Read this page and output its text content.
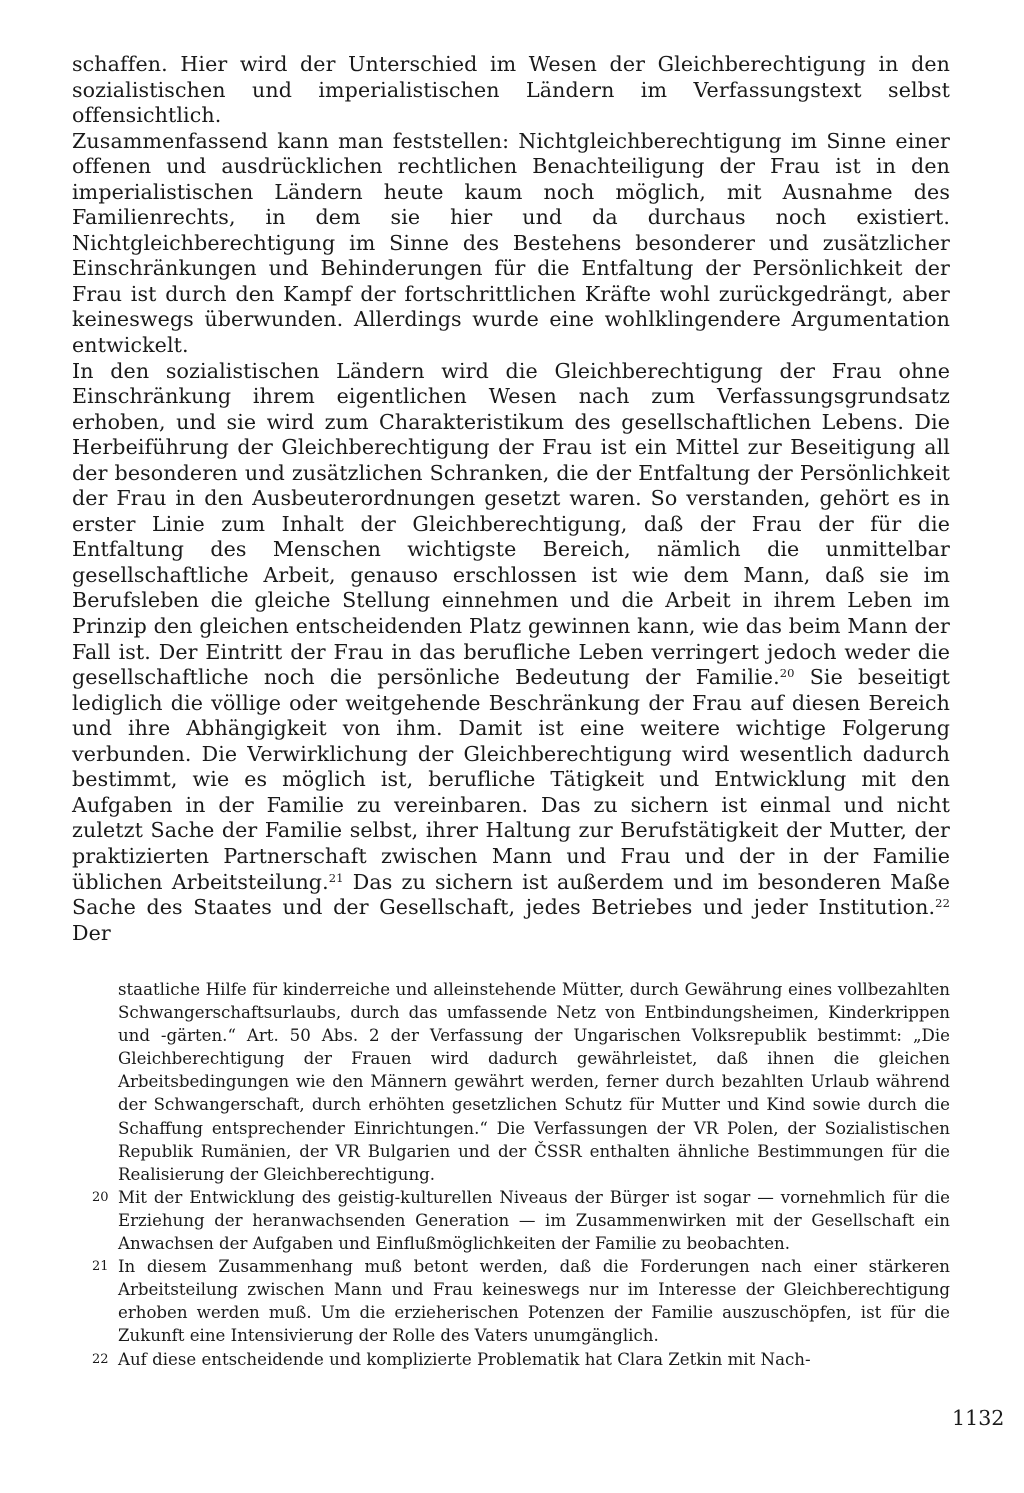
schaffen. Hier wird der Unterschied im Wesen der Gleichberechtigung in den sozialistischen und imperialistischen Ländern im Verfassungstext selbst offensichtlich.

Zusammenfassend kann man feststellen: Nichtgleichberechtigung im Sinne einer offenen und ausdrücklichen rechtlichen Benachteiligung der Frau ist in den imperialistischen Ländern heute kaum noch möglich, mit Ausnahme des Familienrechts, in dem sie hier und da durchaus noch existiert. Nichtgleichberechtigung im Sinne des Bestehens besonderer und zusätzlicher Einschränkungen und Behinderungen für die Entfaltung der Persönlichkeit der Frau ist durch den Kampf der fortschrittlichen Kräfte wohl zurückgedrängt, aber keineswegs überwunden. Allerdings wurde eine wohlklingendere Argumentation entwickelt.

In den sozialistischen Ländern wird die Gleichberechtigung der Frau ohne Einschränkung ihrem eigentlichen Wesen nach zum Verfassungsgrundsatz erhoben, und sie wird zum Charakteristikum des gesellschaftlichen Lebens. Die Herbeiführung der Gleichberechtigung der Frau ist ein Mittel zur Beseitigung all der besonderen und zusätzlichen Schranken, die der Entfaltung der Persönlichkeit der Frau in den Ausbeuterordnungen gesetzt waren. So verstanden, gehört es in erster Linie zum Inhalt der Gleichberechtigung, daß der Frau der für die Entfaltung des Menschen wichtigste Bereich, nämlich die unmittelbar gesellschaftliche Arbeit, genauso erschlossen ist wie dem Mann, daß sie im Berufsleben die gleiche Stellung einnehmen und die Arbeit in ihrem Leben im Prinzip den gleichen entscheidenden Platz gewinnen kann, wie das beim Mann der Fall ist. Der Eintritt der Frau in das berufliche Leben verringert jedoch weder die gesellschaftliche noch die persönliche Bedeutung der Familie.$^{20}$ Sie beseitigt lediglich die völlige oder weitgehende Beschränkung der Frau auf diesen Bereich und ihre Abhängigkeit von ihm. Damit ist eine weitere wichtige Folgerung verbunden. Die Verwirklichung der Gleichberechtigung wird wesentlich dadurch bestimmt, wie es möglich ist, berufliche Tätigkeit und Entwicklung mit den Aufgaben in der Familie zu vereinbaren. Das zu sichern ist einmal und nicht zuletzt Sache der Familie selbst, ihrer Haltung zur Berufstätigkeit der Mutter, der praktizierten Partnerschaft zwischen Mann und Frau und der in der Familie üblichen Arbeitsteilung.$^{21}$ Das zu sichern ist außerdem und im besonderen Maße Sache des Staates und der Gesellschaft, jedes Betriebes und jeder Institution.$^{22}$ Der

staatliche Hilfe für kinderreiche und alleinstehende Mütter, durch Gewährung eines vollbezahlten Schwangerschaftsurlaubs, durch das umfassende Netz von Entbindungsheimen, Kinderkrippen und -gärten.“ Art. 50 Abs. 2 der Verfassung der Ungarischen Volksrepublik bestimmt: „Die Gleichberechtigung der Frauen wird dadurch gewährleistet, daß ihnen die gleichen Arbeitsbedingungen wie den Männern gewährt werden, ferner durch bezahlten Urlaub während der Schwangerschaft, durch erhöhten gesetzlichen Schutz für Mutter und Kind sowie durch die Schaffung entsprechender Einrichtungen.“ Die Verfassungen der VR Polen, der Sozialistischen Republik Rumänien, der VR Bulgarien und der ČSSR enthalten ähnliche Bestimmungen für die Realisierung der Gleichberechtigung.

20 Mit der Entwicklung des geistig-kulturellen Niveaus der Bürger ist sogar — vornehmlich für die Erziehung der heranwachsenden Generation — im Zusammenwirken mit der Gesellschaft ein Anwachsen der Aufgaben und Einflußmöglichkeiten der Familie zu beobachten.

21 In diesem Zusammenhang muß betont werden, daß die Forderungen nach einer stärkeren Arbeitsteilung zwischen Mann und Frau keineswegs nur im Interesse der Gleichberechtigung erhoben werden muß. Um die erzieherischen Potenzen der Familie auszuschöpfen, ist für die Zukunft eine Intensivierung der Rolle des Vaters unumgänglich.

22 Auf diese entscheidende und komplizierte Problematik hat Clara Zetkin mit Nach-

1132
